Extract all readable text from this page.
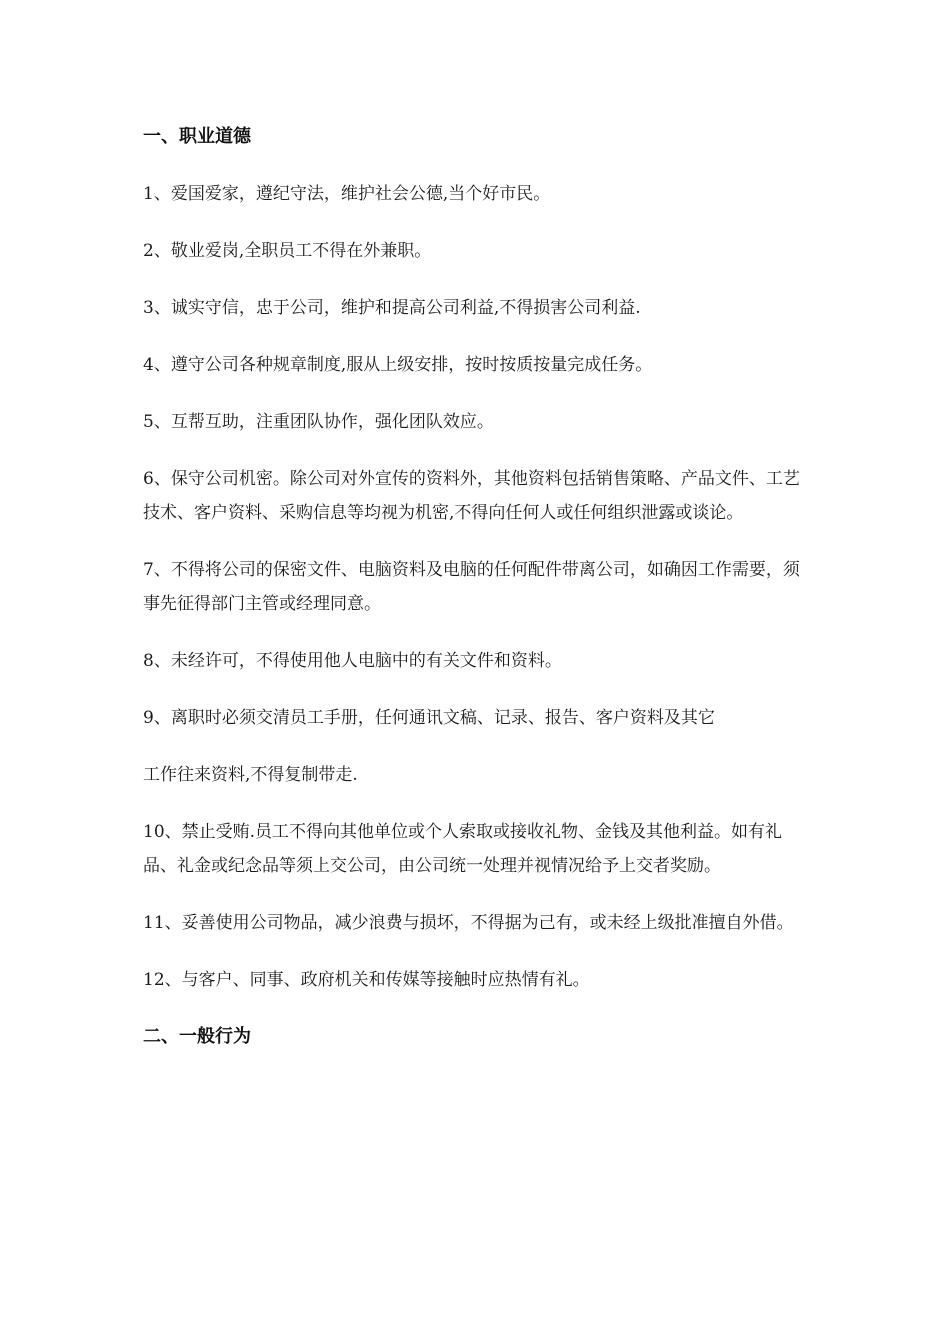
一、职业道德

1、爱国爱家，遵纪守法，维护社会公德,当个好市民。

2、敬业爱岗,全职员工不得在外兼职。

3、诚实守信，忠于公司，维护和提高公司利益,不得损害公司利益.

4、遵守公司各种规章制度,服从上级安排，按时按质按量完成任务。

5、互帮互助，注重团队协作，强化团队效应。

6、保守公司机密。除公司对外宣传的资料外，其他资料包括销售策略、产品文件、工艺技术、客户资料、采购信息等均视为机密,不得向任何人或任何组织泄露或谈论。

7、不得将公司的保密文件、电脑资料及电脑的任何配件带离公司，如确因工作需要，须事先征得部门主管或经理同意。

8、未经许可，不得使用他人电脑中的有关文件和资料。

9、离职时必须交清员工手册，任何通讯文稿、记录、报告、客户资料及其它

工作往来资料,不得复制带走.

10、禁止受贿.员工不得向其他单位或个人索取或接收礼物、金钱及其他利益。如有礼品、礼金或纪念品等须上交公司，由公司统一处理并视情况给予上交者奖励。

11、妥善使用公司物品，减少浪费与损坏，不得据为己有，或未经上级批准擅自外借。

12、与客户、同事、政府机关和传媒等接触时应热情有礼。

二、一般行为
